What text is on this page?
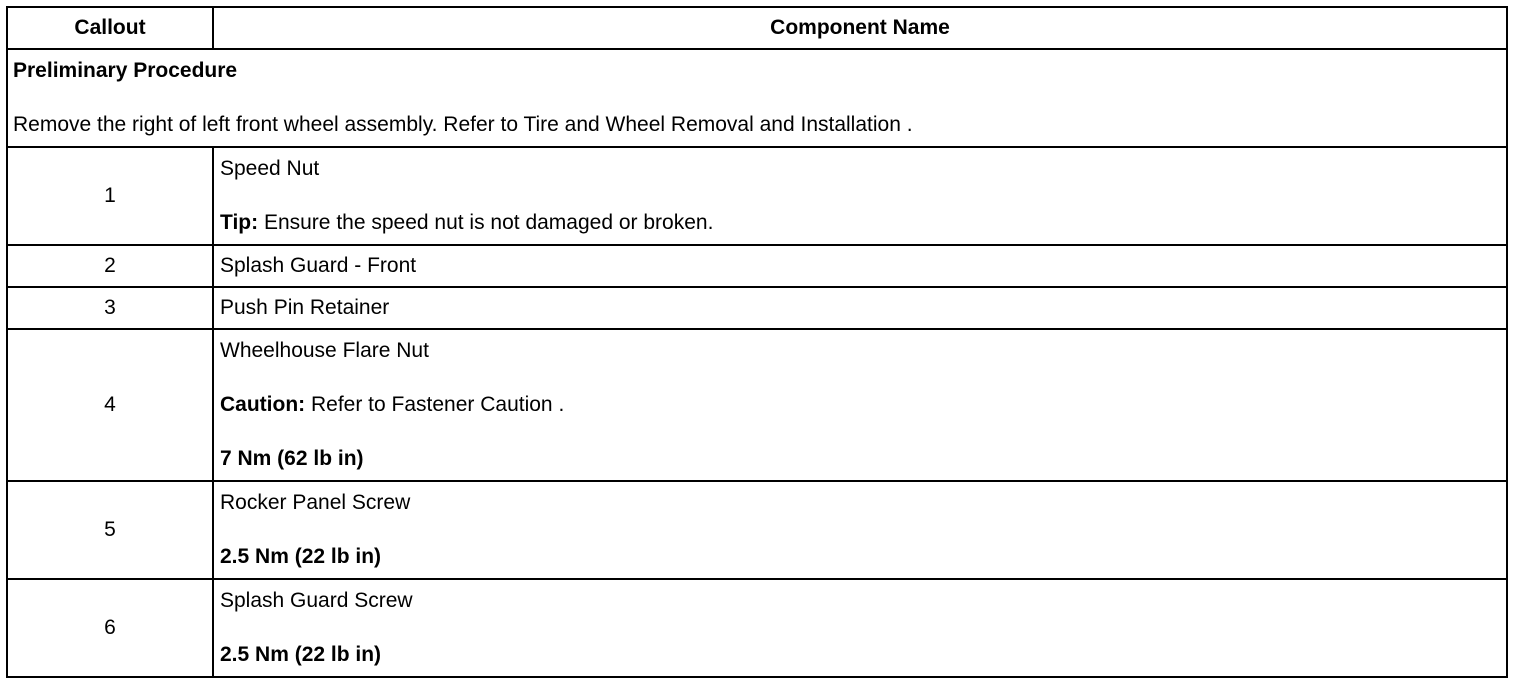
Callout	Component Name

Preliminary Procedure
Remove the right of left front wheel assembly. Refer to Tire and Wheel Removal and Installation .	

1	Speed Nut
Tip: Ensure the speed nut is not damaged or broken.

2	Splash Guard - Front
3	Push Pin Retainer
4	Wheelhouse Flare Nut
Caution: Refer to Fastener Caution .
7 Nm (62 lb in)

5	Rocker Panel Screw
2.5 Nm (22 lb in)

6	Splash Guard Screw
2.5 Nm (22 lb in)
